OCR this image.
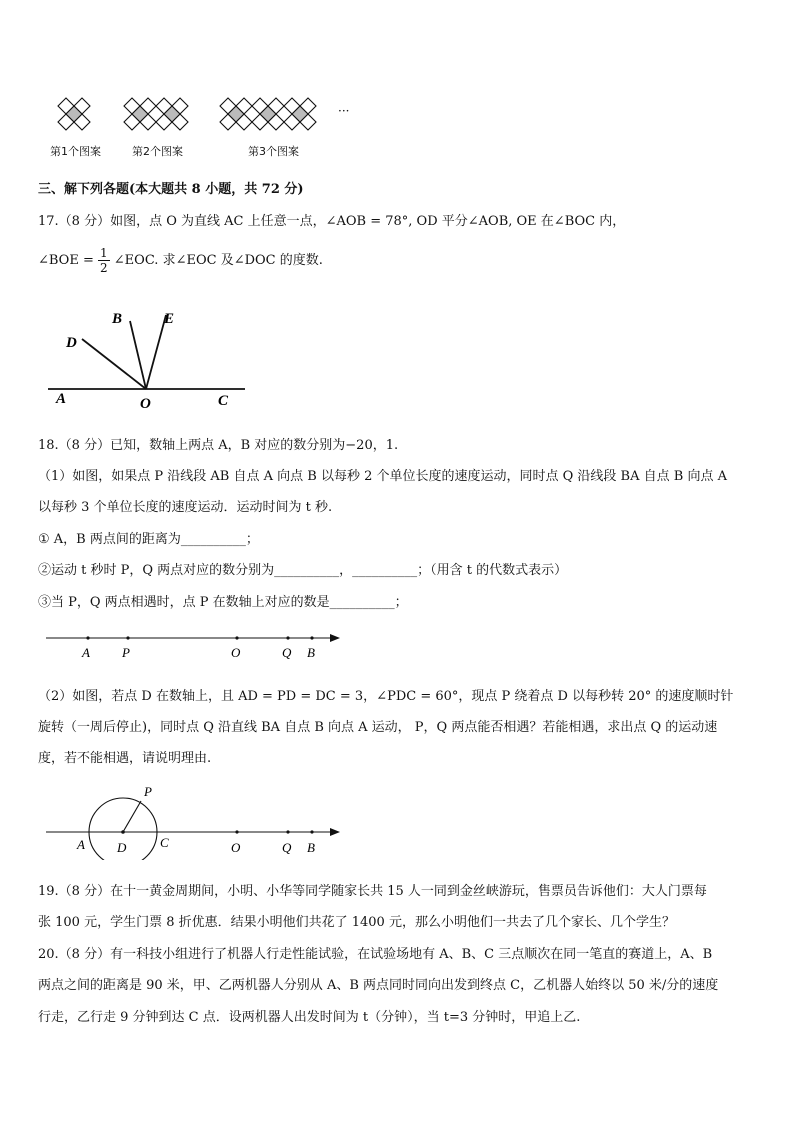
···
第1个图案	第2个图案	第3个图案
三、解下列各题(本大题共 8 小题，共 72 分)
17.（8 分）如图，点 O 为直线 AC 上任意一点，∠AOB = 78°, OD 平分∠AOB, OE 在∠BOC 内，
∠BOE = $\frac{1}{2}$ ∠EOC. 求∠EOC 及∠DOC 的度数.
B	E
D
A	O	C
18.（8 分）已知，数轴上两点 A，B 对应的数分别为−20，1.
（1）如图，如果点 P 沿线段 AB 自点 A 向点 B 以每秒 2 个单位长度的速度运动，同时点 Q 沿线段 BA 自点 B 向点 A
以每秒 3 个单位长度的速度运动．运动时间为 t 秒.
① A，B 两点间的距离为__________；
②运动 t 秒时 P，Q 两点对应的数分别为__________，__________；（用含 t 的代数式表示）
③当 P，Q 两点相遇时，点 P 在数轴上对应的数是__________；
A P	O	Q B
（2）如图，若点 D 在数轴上，且 AD = PD = DC = 3，∠PDC = 60°，现点 P 绕着点 D 以每秒转 20° 的速度顺时针
旋转（一周后停止)，同时点 Q 沿直线 BA 自点 B 向点 A 运动， P，Q 两点能否相遇？若能相遇，求出点 Q 的运动速
度，若不能相遇，请说明理由.
P
A D	C	O	Q B
19.（8 分）在十一黄金周期间，小明、小华等同学随家长共 15 人一同到金丝峡游玩，售票员告诉他们：大人门票每
张 100 元，学生门票 8 折优惠．结果小明他们共花了 1400 元，那么小明他们一共去了几个家长、几个学生？
20.（8 分）有一科技小组进行了机器人行走性能试验，在试验场地有 A、B、C 三点顺次在同一笔直的赛道上，A、B
两点之间的距离是 90 米，甲、乙两机器人分别从 A、B 两点同时同向出发到终点 C，乙机器人始终以 50 米/分的速度
行走，乙行走 9 分钟到达 C 点．设两机器人出发时间为 t（分钟），当 t=3 分钟时，甲追上乙.
